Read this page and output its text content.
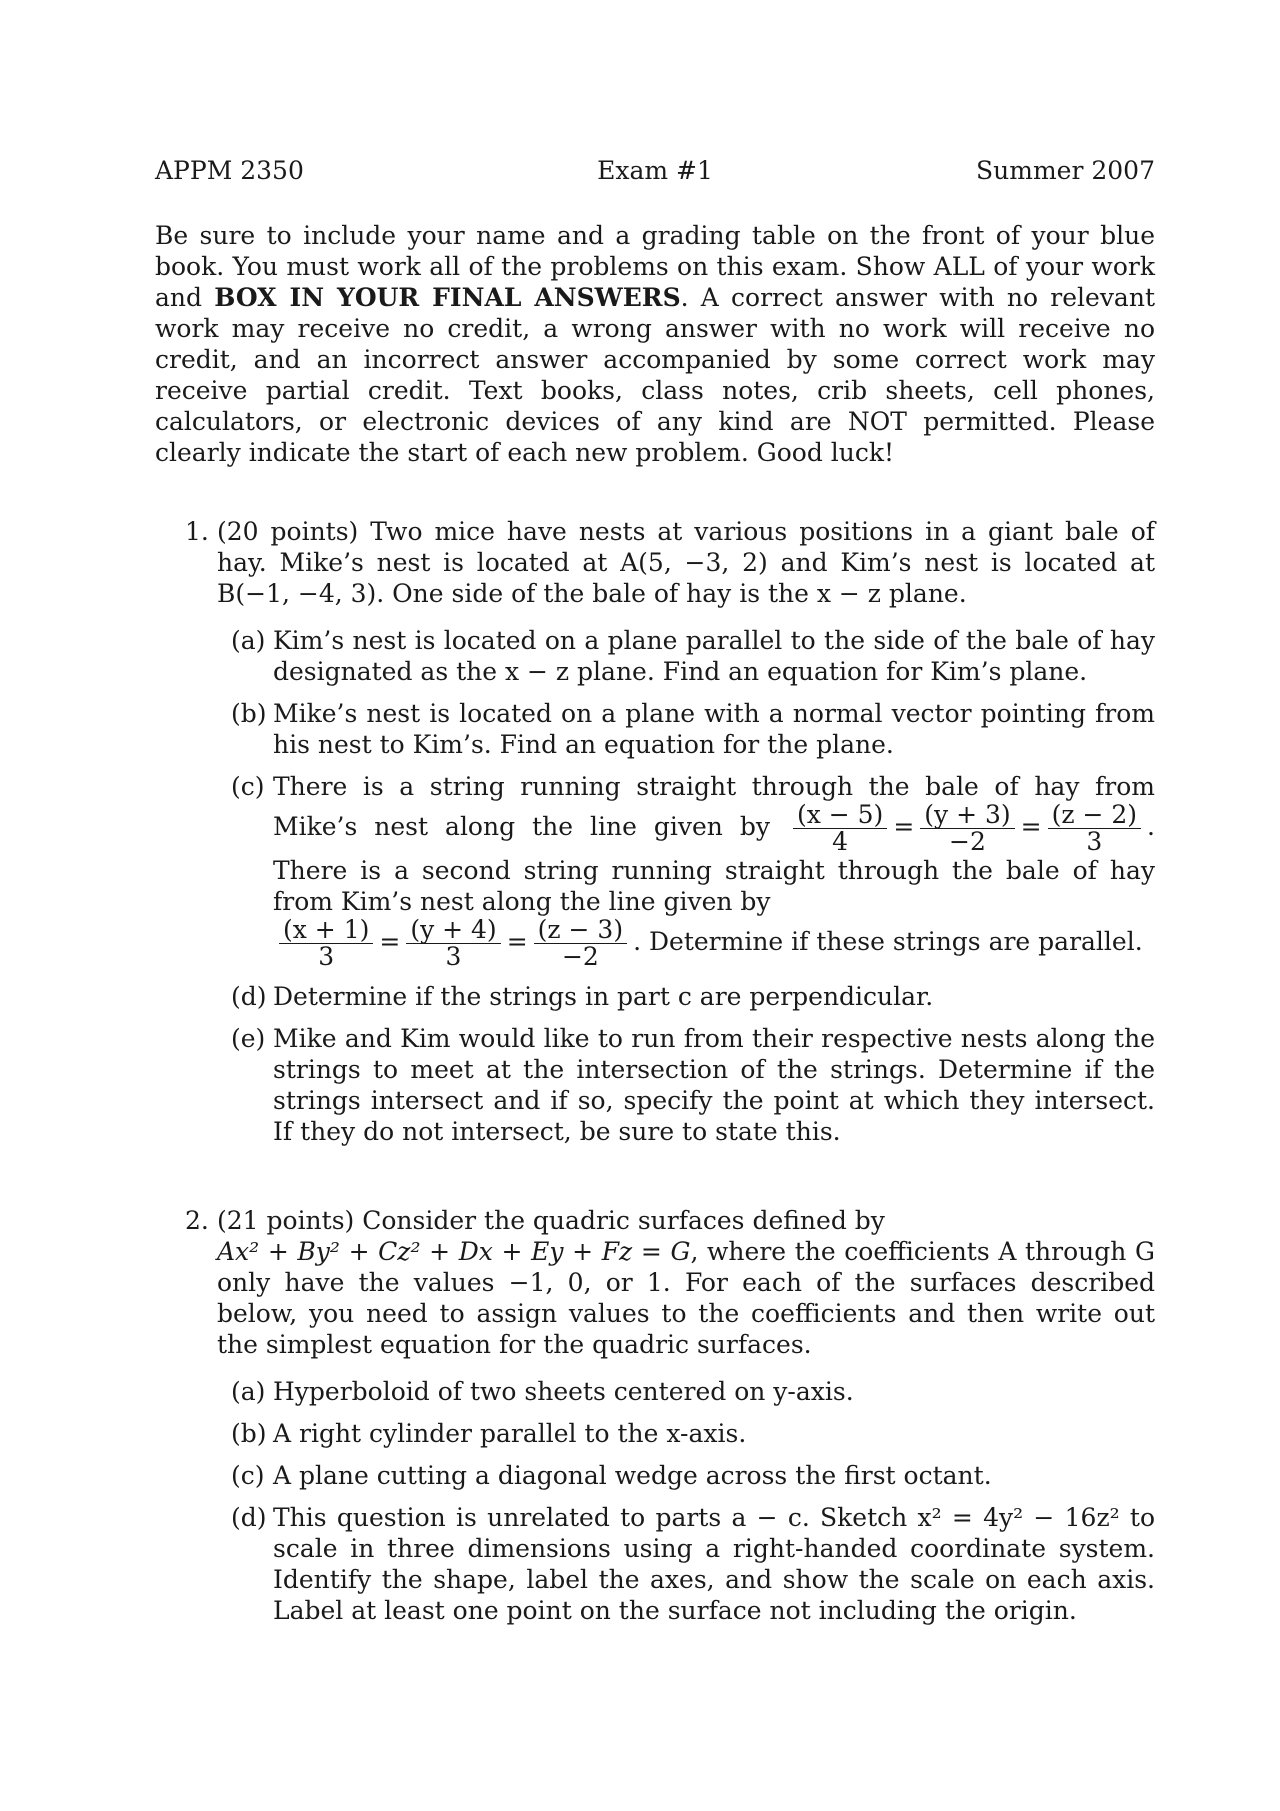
APPM 2350	Exam #1	Summer 2007
Be sure to include your name and a grading table on the front of your blue book. You must work all of the problems on this exam. Show ALL of your work and BOX IN YOUR FINAL ANSWERS. A correct answer with no relevant work may receive no credit, a wrong answer with no work will receive no credit, and an incorrect answer accompanied by some correct work may receive partial credit. Text books, class notes, crib sheets, cell phones, calculators, or electronic devices of any kind are NOT permitted. Please clearly indicate the start of each new problem. Good luck!
1. (20 points) Two mice have nests at various positions in a giant bale of hay. Mike’s nest is located at A(5, −3, 2) and Kim’s nest is located at B(−1, −4, 3). One side of the bale of hay is the x − z plane.
(a) Kim’s nest is located on a plane parallel to the side of the bale of hay designated as the x − z plane. Find an equation for Kim’s plane.
(b) Mike’s nest is located on a plane with a normal vector pointing from his nest to Kim’s. Find an equation for the plane.
(c) There is a string running straight through the bale of hay from Mike’s nest along the line given by $\frac{(x - 5)}{4} = \frac{(y + 3)}{-2} = \frac{(z - 2)}{3}$ . There is a second string running straight through the bale of hay from Kim’s nest along the line given by

$\frac{(x + 1)}{3} = \frac{(y + 4)}{3} = \frac{(z - 3)}{-2}$ . Determine if these strings are parallel.
(d) Determine if the strings in part c are perpendicular.
(e) Mike and Kim would like to run from their respective nests along the strings to meet at the intersection of the strings. Determine if the strings intersect and if so, specify the point at which they intersect. If they do not intersect, be sure to state this.
2. (21 points) Consider the quadric surfaces defined by
Ax² + By² + Cz² + Dx + Ey + Fz = G, where the coefficients A through G only have the values −1, 0, or 1. For each of the surfaces described below, you need to assign values to the coefficients and then write out the simplest equation for the quadric surfaces.
(a) Hyperboloid of two sheets centered on y-axis.
(b) A right cylinder parallel to the x-axis.
(c) A plane cutting a diagonal wedge across the first octant.
(d) This question is unrelated to parts a − c. Sketch x² = 4y² − 16z² to scale in three dimensions using a right-handed coordinate system. Identify the shape, label the axes, and show the scale on each axis. Label at least one point on the surface not including the origin.
